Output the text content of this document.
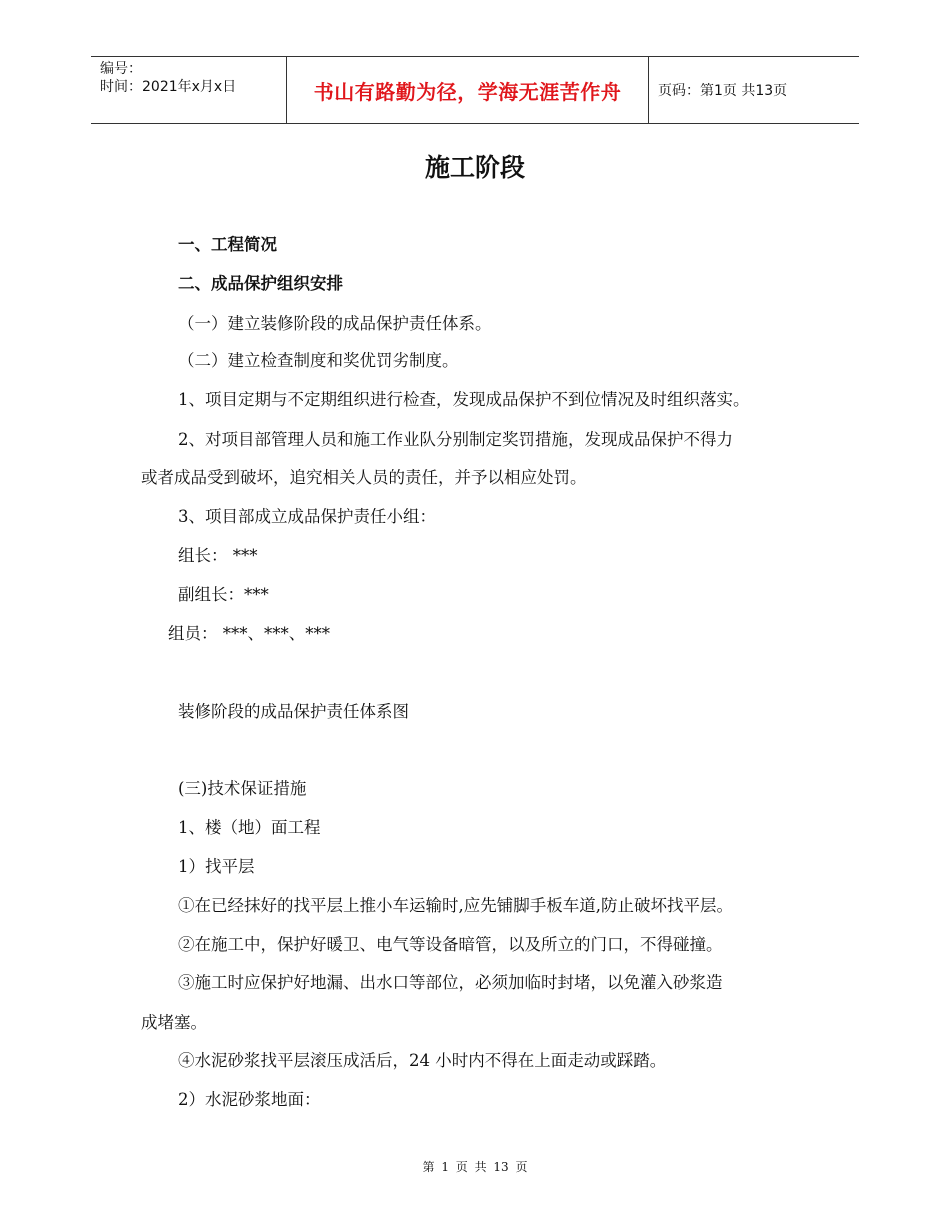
编号：
时间：2021年x月x日	书山有路勤为径，学海无涯苦作舟	页码：第1页 共13页
施工阶段
一、工程简况
二、成品保护组织安排
（一）建立装修阶段的成品保护责任体系。
（二）建立检查制度和奖优罚劣制度。
1、项目定期与不定期组织进行检查，发现成品保护不到位情况及时组织落实。
2、对项目部管理人员和施工作业队分别制定奖罚措施，发现成品保护不得力
或者成品受到破坏，追究相关人员的责任，并予以相应处罚。
3、项目部成立成品保护责任小组：
组长： ***
副组长：***
组员： ***、***、***
装修阶段的成品保护责任体系图
(三)技术保证措施
1、楼（地）面工程
1）找平层
①在已经抹好的找平层上推小车运输时,应先铺脚手板车道,防止破坏找平层。
②在施工中，保护好暖卫、电气等设备暗管，以及所立的门口，不得碰撞。
③施工时应保护好地漏、出水口等部位，必须加临时封堵，以免灌入砂浆造
成堵塞。
④水泥砂浆找平层滚压成活后，24 小时内不得在上面走动或踩踏。
2）水泥砂浆地面：
第 1 页 共 13 页
